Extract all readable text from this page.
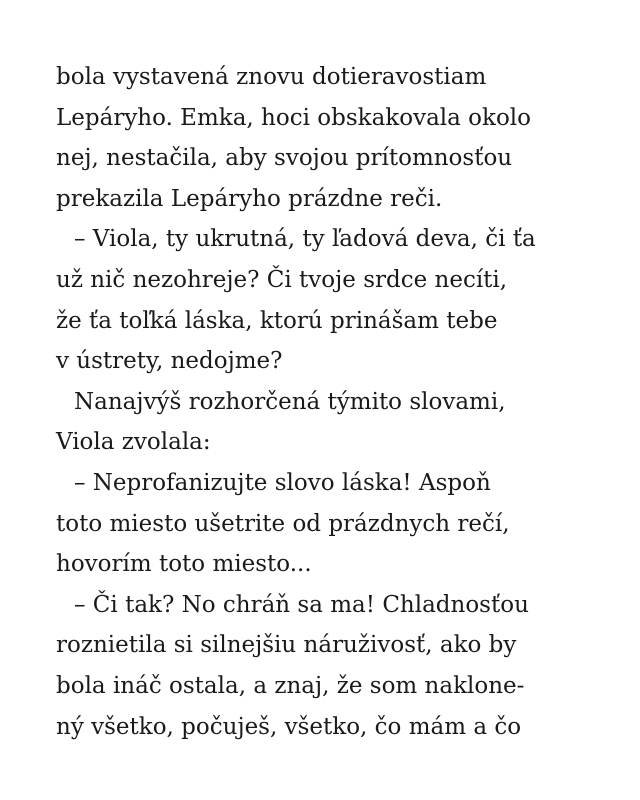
bola vystavená znovu dotieravostiam
Lepáryho. Emka, hoci obskakovala okolo
nej, nestačila, aby svojou prítomnosťou
prekazila Lepáryho prázdne reči.
– Viola, ty ukrutná, ty ľadová deva, či ťa
už nič nezohreje? Či tvoje srdce necíti,
že ťa toľká láska, ktorú prinášam tebe
v ústrety, nedojme?
Nanajvýš rozhorčená týmito slovami,
Viola zvolala:
– Neprofanizujte slovo láska! Aspoň
toto miesto ušetrite od prázdnych rečí,
hovorím toto miesto...
– Či tak? No chráň sa ma! Chladnosťou
roznietila si silnejšiu náruživosť, ako by
bola ináč ostala, a znaj, že som naklone-
ný všetko, počuješ, všetko, čo mám a čo
